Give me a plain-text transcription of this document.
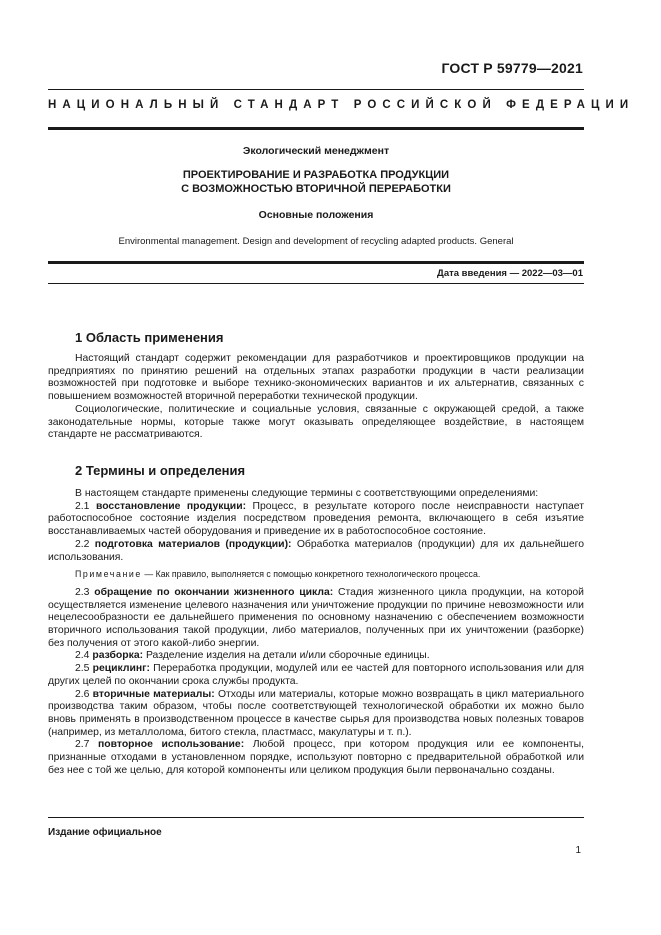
ГОСТ Р 59779—2021
НАЦИОНАЛЬНЫЙ СТАНДАРТ РОССИЙСКОЙ ФЕДЕРАЦИИ
Экологический менеджмент
ПРОЕКТИРОВАНИЕ И РАЗРАБОТКА ПРОДУКЦИИ
С ВОЗМОЖНОСТЬЮ ВТОРИЧНОЙ ПЕРЕРАБОТКИ
Основные положения
Environmental management. Design and development of recycling adapted products. General
Дата введения — 2022—03—01
1 Область применения

Настоящий стандарт содержит рекомендации для разработчиков и проектировщиков продукции на предприятиях по принятию решений на отдельных этапах разработки продукции в части реализации возможностей при подготовке и выборе технико-экономических вариантов и их альтернатив, связанных с повышением возможностей вторичной переработки технической продукции.

Социологические, политические и социальные условия, связанные с окружающей средой, а также законодательные нормы, которые также могут оказывать определяющее воздействие, в настоящем стандарте не рассматриваются.

2 Термины и определения

В настоящем стандарте применены следующие термины с соответствующими определениями:

2.1 восстановление продукции: Процесс, в результате которого после неисправности наступает работоспособное состояние изделия посредством проведения ремонта, включающего в себя изъятие восстанавливаемых частей оборудования и приведение их в работоспособное состояние.

2.2 подготовка материалов (продукции): Обработка материалов (продукции) для их дальнейшего использования.

Примечание — Как правило, выполняется с помощью конкретного технологического процесса.

2.3 обращение по окончании жизненного цикла: Стадия жизненного цикла продукции, на которой осуществляется изменение целевого назначения или уничтожение продукции по причине невозможности или нецелесообразности ее дальнейшего применения по основному назначению с обеспечением возможности вторичного использования такой продукции, либо материалов, полученных при их уничтожении (разборке) без получения от этого какой-либо энергии.

2.4 разборка: Разделение изделия на детали и/или сборочные единицы.

2.5 рециклинг: Переработка продукции, модулей или ее частей для повторного использования или для других целей по окончании срока службы продукта.

2.6 вторичные материалы: Отходы или материалы, которые можно возвращать в цикл материального производства таким образом, чтобы после соответствующей технологической обработки их можно было вновь применять в производственном процессе в качестве сырья для производства новых полезных товаров (например, из металлолома, битого стекла, пластмасс, макулатуры и т. п.).

2.7 повторное использование: Любой процесс, при котором продукция или ее компоненты, признанные отходами в установленном порядке, используют повторно с предварительной обработкой или без нее с той же целью, для которой компоненты или целиком продукция были первоначально созданы.

Издание официальное
1
